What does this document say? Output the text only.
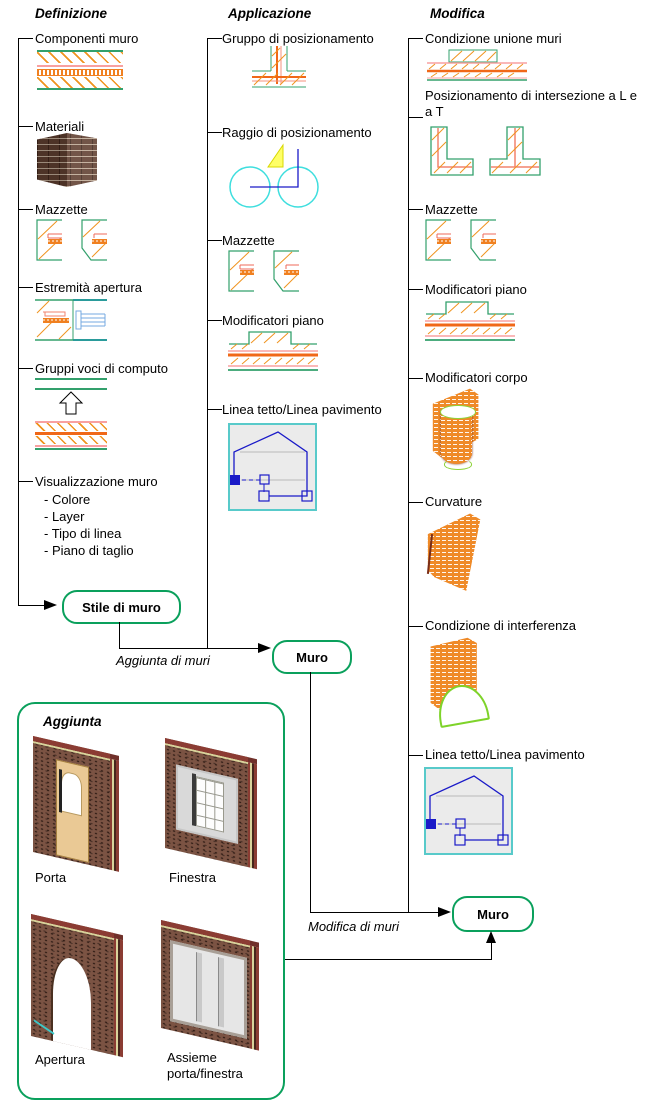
Definizione
Componenti muro
Materiali
Mazzette
Estremità apertura
Gruppi voci di computo
Visualizzazione muro
- Colore
- Layer
- Tipo di linea
- Piano di taglio
Stile di muro
Applicazione
Gruppo di posizionamento
Raggio di posizionamento
Mazzette
Modificatori piano
Linea tetto/Linea pavimento
Aggiunta di muri	Muro
Modifica
Condizione unione muri
Posizionamento di intersezione a L e a T
Mazzette
Modificatori piano
Modificatori corpo
Curvature
Condizione di interferenza
Linea tetto/Linea pavimento
Modifica di muri
Muro
Aggiunta
Porta	Finestra
Apertura	Assieme porta/finestra
